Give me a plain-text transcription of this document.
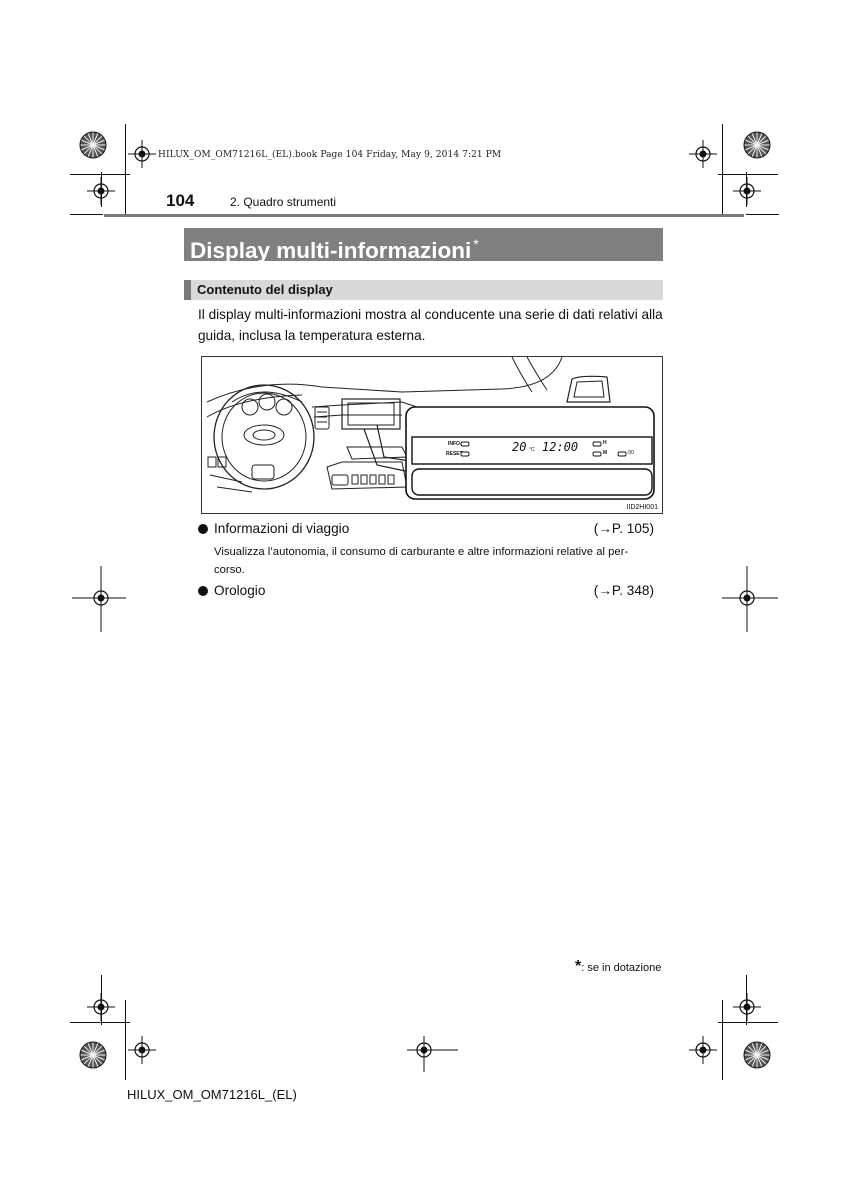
HILUX_OM_OM71216L_(EL).book Page 104 Friday, May 9, 2014 7:21 PM
104	2. Quadro strumenti
Display multi-informazioni *
Contenuto del display
Il display multi-informazioni mostra al conducente una serie di dati relativi alla
guida, inclusa la temperatura esterna.
INFO.
RESET	20 °C 12:00	H
M	:00
IID2HI001
Informazioni di viaggio	(→P. 105)
Visualizza l’autonomia, il consumo di carburante e altre informazioni relative al per-
corso.
Orologio	(→P. 348)
*: se in dotazione
HILUX_OM_OM71216L_(EL)
